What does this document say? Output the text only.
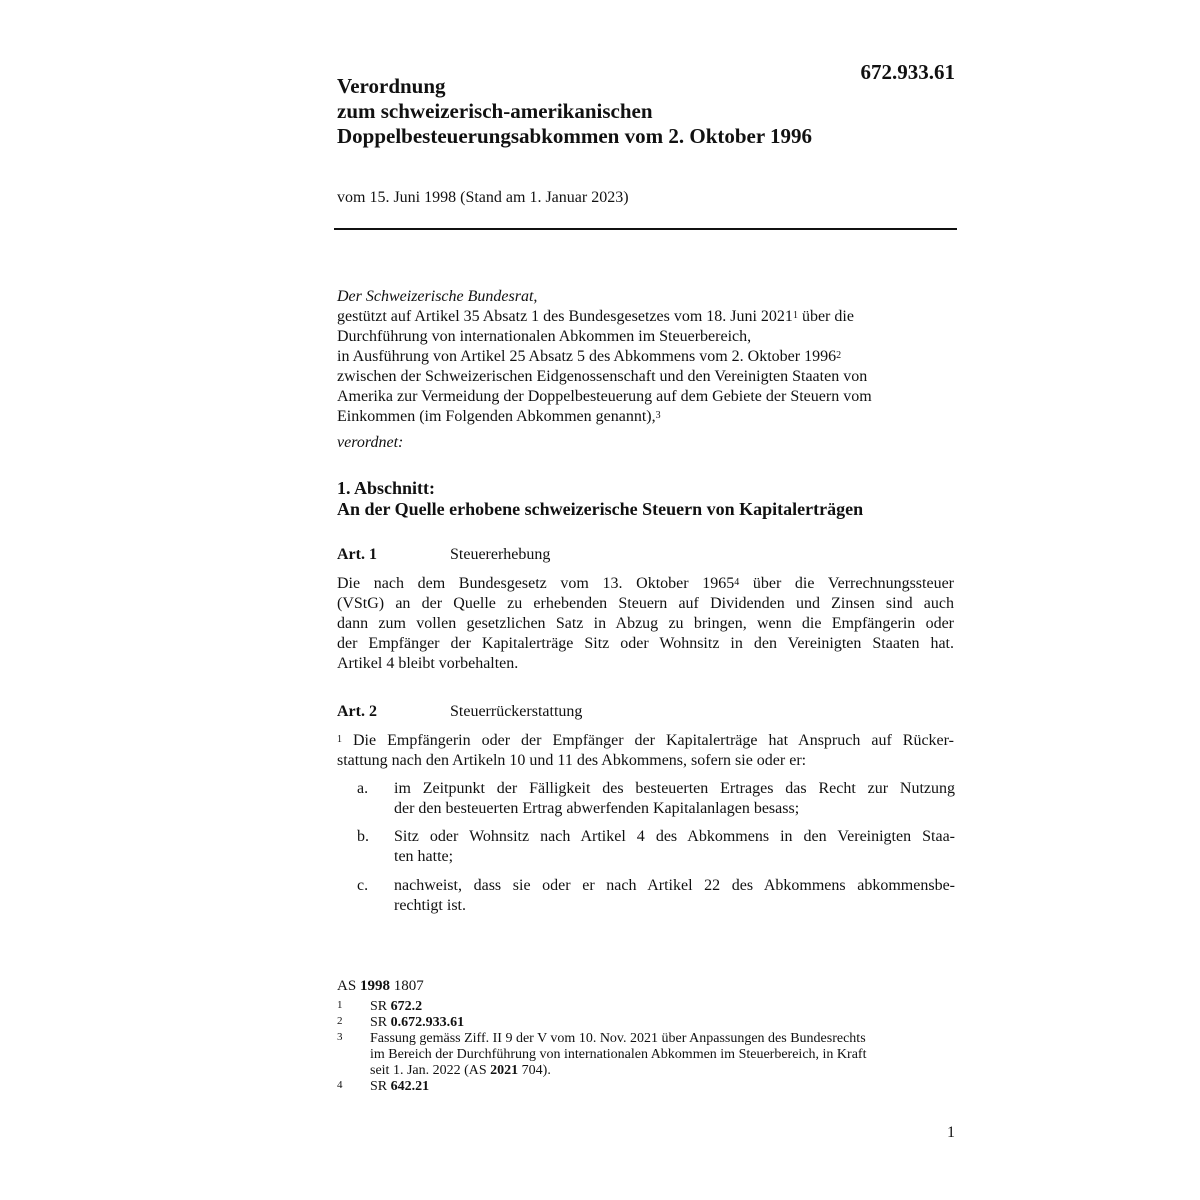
672.933.61
Verordnung
zum schweizerisch-amerikanischen
Doppelbesteuerungsabkommen vom 2. Oktober 1996
vom 15. Juni 1998 (Stand am 1. Januar 2023)
Der Schweizerische Bundesrat,
gestützt auf Artikel 35 Absatz 1 des Bundesgesetzes vom 18. Juni 2021$^1$ über die
Durchführung von internationalen Abkommen im Steuerbereich,
in Ausführung von Artikel 25 Absatz 5 des Abkommens vom 2. Oktober 1996$^2$
zwischen der Schweizerischen Eidgenossenschaft und den Vereinigten Staaten von
Amerika zur Vermeidung der Doppelbesteuerung auf dem Gebiete der Steuern vom
Einkommen (im Folgenden Abkommen genannt),$^3$
verordnet:
1. Abschnitt:
An der Quelle erhobene schweizerische Steuern von Kapitalerträgen
Art. 1	Steuererhebung
Die nach dem Bundesgesetz vom 13. Oktober 1965$^4$ über die Verrechnungssteuer
(VStG) an der Quelle zu erhebenden Steuern auf Dividenden und Zinsen sind auch
dann zum vollen gesetzlichen Satz in Abzug zu bringen, wenn die Empfängerin oder
der Empfänger der Kapitalerträge Sitz oder Wohnsitz in den Vereinigten Staaten hat.
Artikel 4 bleibt vorbehalten.
Art. 2	Steuerrückerstattung
$^1$ Die Empfängerin oder der Empfänger der Kapitalerträge hat Anspruch auf Rücker-
stattung nach den Artikeln 10 und 11 des Abkommens, sofern sie oder er:
a.	im Zeitpunkt der Fälligkeit des besteuerten Ertrages das Recht zur Nutzung
der den besteuerten Ertrag abwerfenden Kapitalanlagen besass;
b.	Sitz oder Wohnsitz nach Artikel 4 des Abkommens in den Vereinigten Staa-
ten hatte;
c.	nachweist, dass sie oder er nach Artikel 22 des Abkommens abkommensbe-
rechtigt ist.
AS 1998 1807
1 SR 672.2
2 SR 0.672.933.61
3 Fassung gemäss Ziff. II 9 der V vom 10. Nov. 2021 über Anpassungen des Bundesrechts
im Bereich der Durchführung von internationalen Abkommen im Steuerbereich, in Kraft
seit 1. Jan. 2022 (AS 2021 704).
4 SR 642.21
1
